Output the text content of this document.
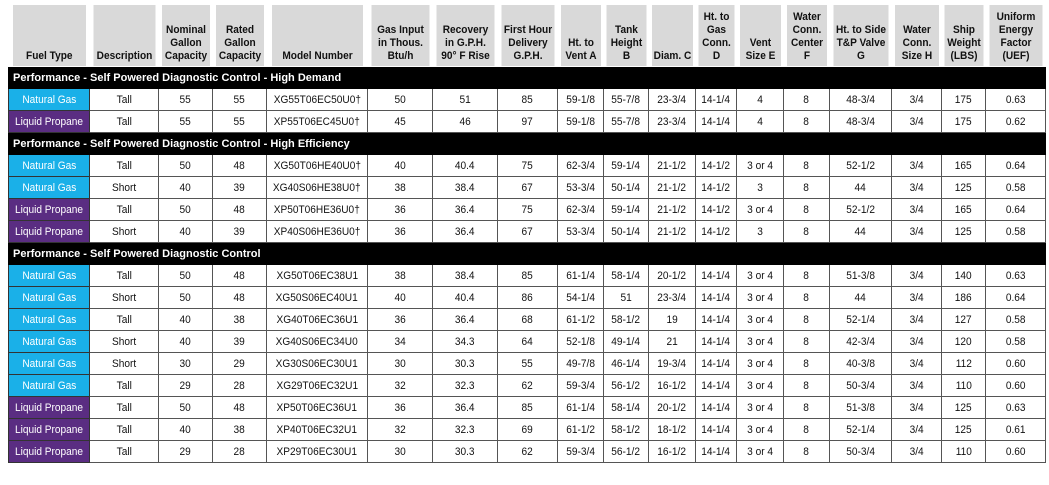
Fuel Type	Description	Nominal Gallon Capacity	Rated Gallon Capacity	Model Number	Gas Input in Thous. Btu/h	Recovery in G.P.H. 90° F Rise	First Hour Delivery G.P.H.	Ht. to Vent A	Tank Height B	Diam. C	Ht. to Gas Conn. D	Vent Size E	Water Conn. Center F	Ht. to Side T&P Valve G	Water Conn. Size H	Ship Weight (LBS)	Uniform Energy Factor (UEF)
Performance - Self Powered Diagnostic Control - High Demand																	
Natural Gas	Tall	55	55	XG55T06EC50U0†	50	51	85	59-1/8	55-7/8	23-3/4	14-1/4	4	8	48-3/4	3/4	175	0.63
Liquid Propane	Tall	55	55	XP55T06EC45U0†	45	46	97	59-1/8	55-7/8	23-3/4	14-1/4	4	8	48-3/4	3/4	175	0.62
Performance - Self Powered Diagnostic Control - High Efficiency																	
Natural Gas	Tall	50	48	XG50T06HE40U0†	40	40.4	75	62-3/4	59-1/4	21-1/2	14-1/2	3 or 4	8	52-1/2	3/4	165	0.64
Natural Gas	Short	40	39	XG40S06HE38U0†	38	38.4	67	53-3/4	50-1/4	21-1/2	14-1/2	3	8	44	3/4	125	0.58
Liquid Propane	Tall	50	48	XP50T06HE36U0†	36	36.4	75	62-3/4	59-1/4	21-1/2	14-1/2	3 or 4	8	52-1/2	3/4	165	0.64
Liquid Propane	Short	40	39	XP40S06HE36U0†	36	36.4	67	53-3/4	50-1/4	21-1/2	14-1/2	3	8	44	3/4	125	0.58
Performance - Self Powered Diagnostic Control																	
Natural Gas	Tall	50	48	XG50T06EC38U1	38	38.4	85	61-1/4	58-1/4	20-1/2	14-1/4	3 or 4	8	51-3/8	3/4	140	0.63
Natural Gas	Short	50	48	XG50S06EC40U1	40	40.4	86	54-1/4	51	23-3/4	14-1/4	3 or 4	8	44	3/4	186	0.64
Natural Gas	Tall	40	38	XG40T06EC36U1	36	36.4	68	61-1/2	58-1/2	19	14-1/4	3 or 4	8	52-1/4	3/4	127	0.58
Natural Gas	Short	40	39	XG40S06EC34U0	34	34.3	64	52-1/8	49-1/4	21	14-1/4	3 or 4	8	42-3/4	3/4	120	0.58
Natural Gas	Short	30	29	XG30S06EC30U1	30	30.3	55	49-7/8	46-1/4	19-3/4	14-1/4	3 or 4	8	40-3/8	3/4	112	0.60
Natural Gas	Tall	29	28	XG29T06EC32U1	32	32.3	62	59-3/4	56-1/2	16-1/2	14-1/4	3 or 4	8	50-3/4	3/4	110	0.60
Liquid Propane	Tall	50	48	XP50T06EC36U1	36	36.4	85	61-1/4	58-1/4	20-1/2	14-1/4	3 or 4	8	51-3/8	3/4	125	0.63
Liquid Propane	Tall	40	38	XP40T06EC32U1	32	32.3	69	61-1/2	58-1/2	18-1/2	14-1/4	3 or 4	8	52-1/4	3/4	125	0.61
Liquid Propane	Tall	29	28	XP29T06EC30U1	30	30.3	62	59-3/4	56-1/2	16-1/2	14-1/4	3 or 4	8	50-3/4	3/4	110	0.60
